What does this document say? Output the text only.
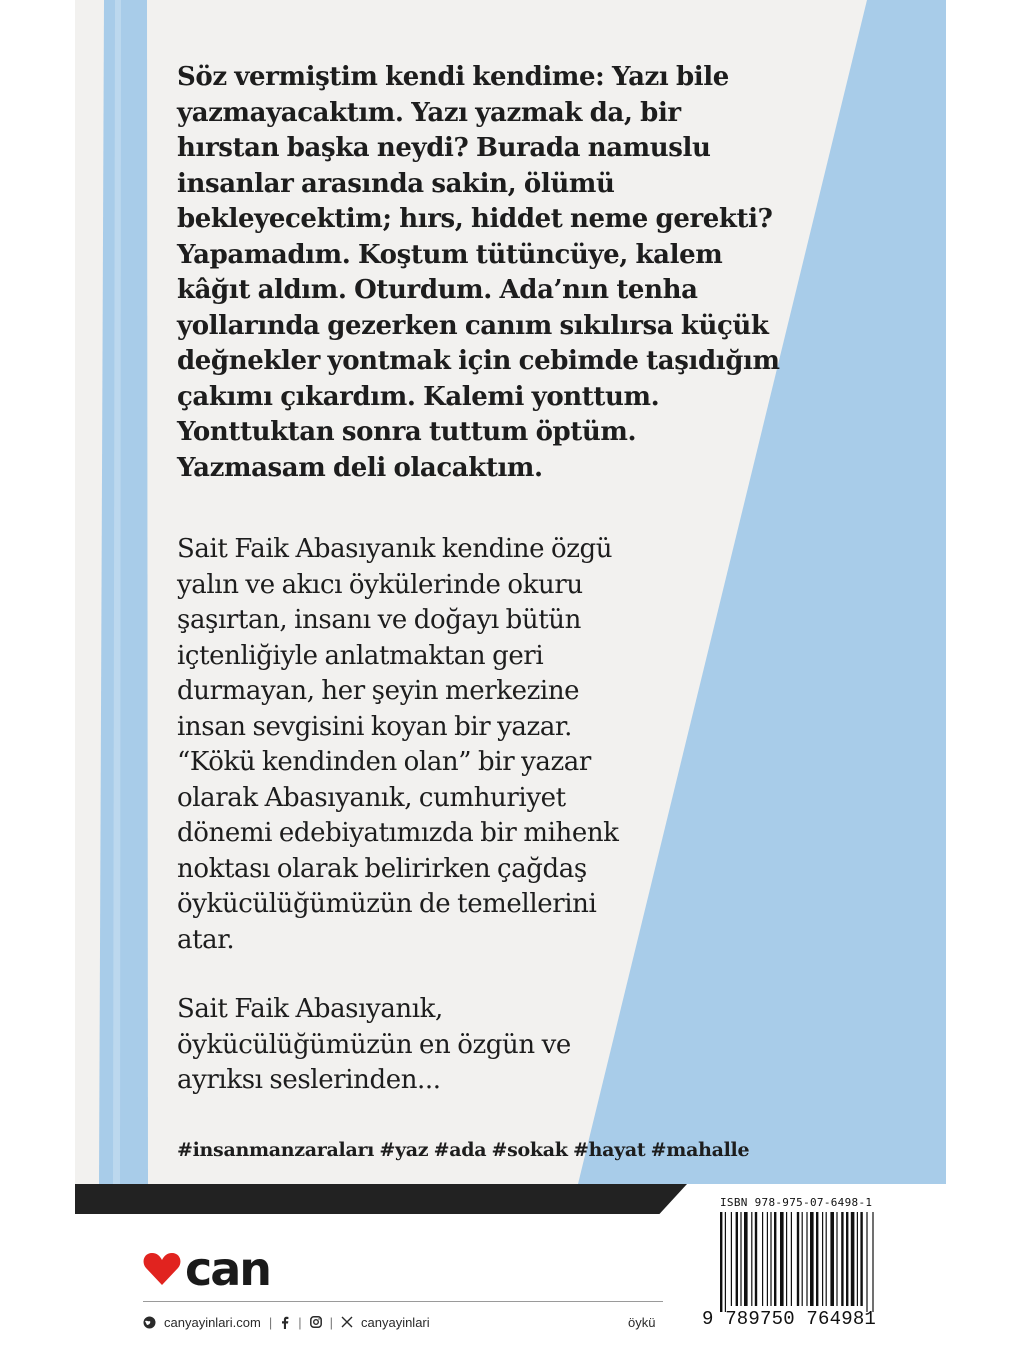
Söz vermiştim kendi kendime: Yazı bile yazmayacaktım. Yazı yazmak da, bir hırstan başka neydi? Burada namuslu insanlar arasında sakin, ölümü bekleyecektim; hırs, hiddet neme gerekti? Yapamadım. Koştum tütüncüye, kalem kâğıt aldım. Oturdum. Ada’nın tenha yollarında gezerken canım sıkılırsa küçük değnekler yontmak için cebimde taşıdığım çakımı çıkardım. Kalemi yonttum. Yonttuktan sonra tuttum öptüm. Yazmasam deli olacaktım.

Sait Faik Abasıyanık kendine özgü yalın ve akıcı öykülerinde okuru şaşırtan, insanı ve doğayı bütün içtenliğiyle anlatmaktan geri durmayan, her şeyin merkezine insan sevgisini koyan bir yazar. “Kökü kendinden olan” bir yazar olarak Abasıyanık, cumhuriyet dönemi edebiyatımızda bir mihenk noktası olarak belirirken çağdaş öykücülüğümüzün de temellerini atar.

Sait Faik Abasıyanık, öykücülüğümüzün en özgün ve ayrıksı seslerinden...

#insanmanzaraları #yaz #ada #sokak #hayat #mahalle

can
canyayinlari.com | | | canyayinlari	öykü
ISBN 978-975-07-6498-1
9 789750 764981
